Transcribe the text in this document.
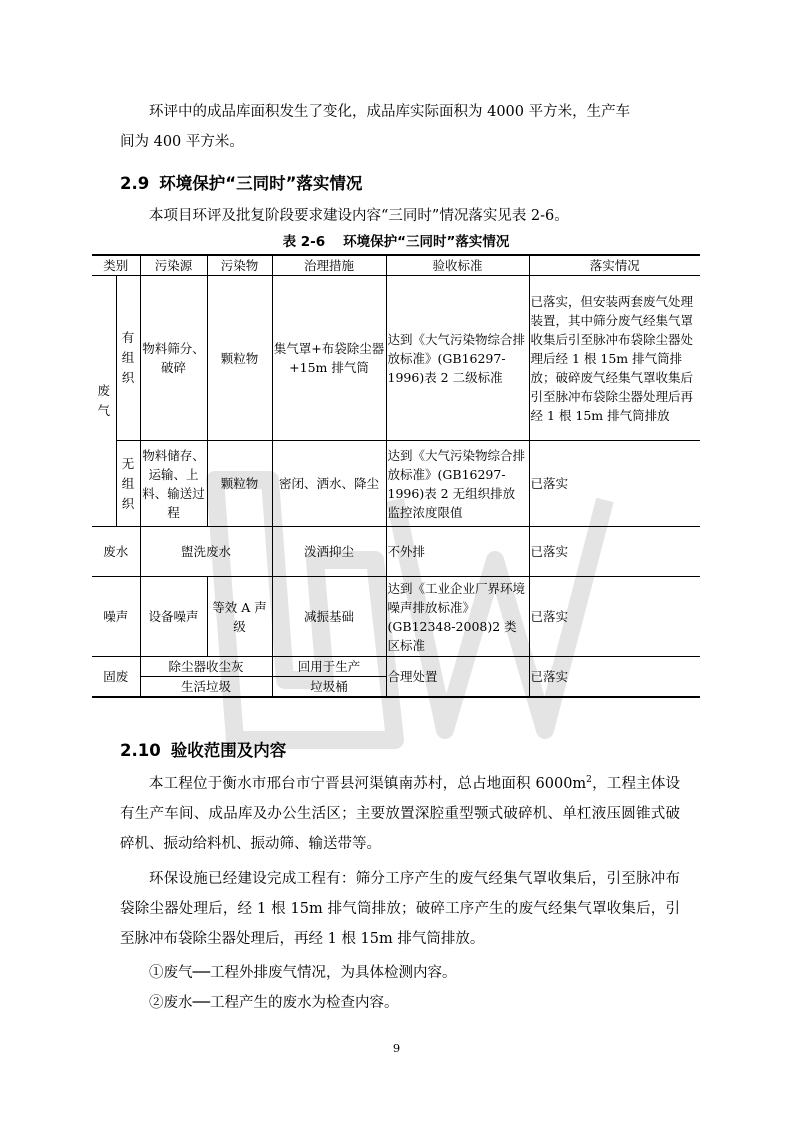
环评中的成品库面积发生了变化，成品库实际面积为 4000 平方米，生产车
间为 400 平方米。

2.9 环境保护“三同时”落实情况

本项目环评及批复阶段要求建设内容“三同时”情况落实见表 2-6。

表 2-6 环境保护“三同时”落实情况

类别		污染源	污染物	治理措施	验收标准	落实情况
废气	有组织	物料筛分、破碎	颗粒物	集气罩+布袋除尘器+15m 排气筒	达到《大气污染物综合排放标准》(GB16297-1996)表 2 二级标准	已落实，但安装两套废气处理装置，其中筛分废气经集气罩收集后引至脉冲布袋除尘器处理后经 1 根 15m 排气筒排放；破碎废气经集气罩收集后引至脉冲布袋除尘器处理后再经 1 根 15m 排气筒排放
	无组织	物料储存、运输、上料、输送过程	颗粒物	密闭、洒水、降尘	达到《大气污染物综合排放标准》(GB16297-1996)表 2 无组织排放监控浓度限值	已落实
废水		盥洗废水		泼洒抑尘	不外排	已落实
噪声		设备噪声	等效 A 声级	减振基础	达到《工业企业厂界环境噪声排放标准》(GB12348-2008)2 类区标准	已落实
固废		除尘器收尘灰		回用于生产	合理处置	已落实
		生活垃圾		垃圾桶		
2.10 验收范围及内容

本工程位于衡水市邢台市宁晋县河渠镇南苏村，总占地面积 $6000m^2$，工程主体设有生产车间、成品库及办公生活区；主要放置深腔重型颚式破碎机、单杠液压圆锥式破碎机、振动给料机、振动筛、输送带等。

环保设施已经建设完成工程有：筛分工序产生的废气经集气罩收集后，引至脉冲布袋除尘器处理后，经 1 根 15m 排气筒排放；破碎工序产生的废气经集气罩收集后，引至脉冲布袋除尘器处理后，再经 1 根 15m 排气筒排放。

①废气──工程外排废气情况，为具体检测内容。

②废水──工程产生的废水为检查内容。

9
